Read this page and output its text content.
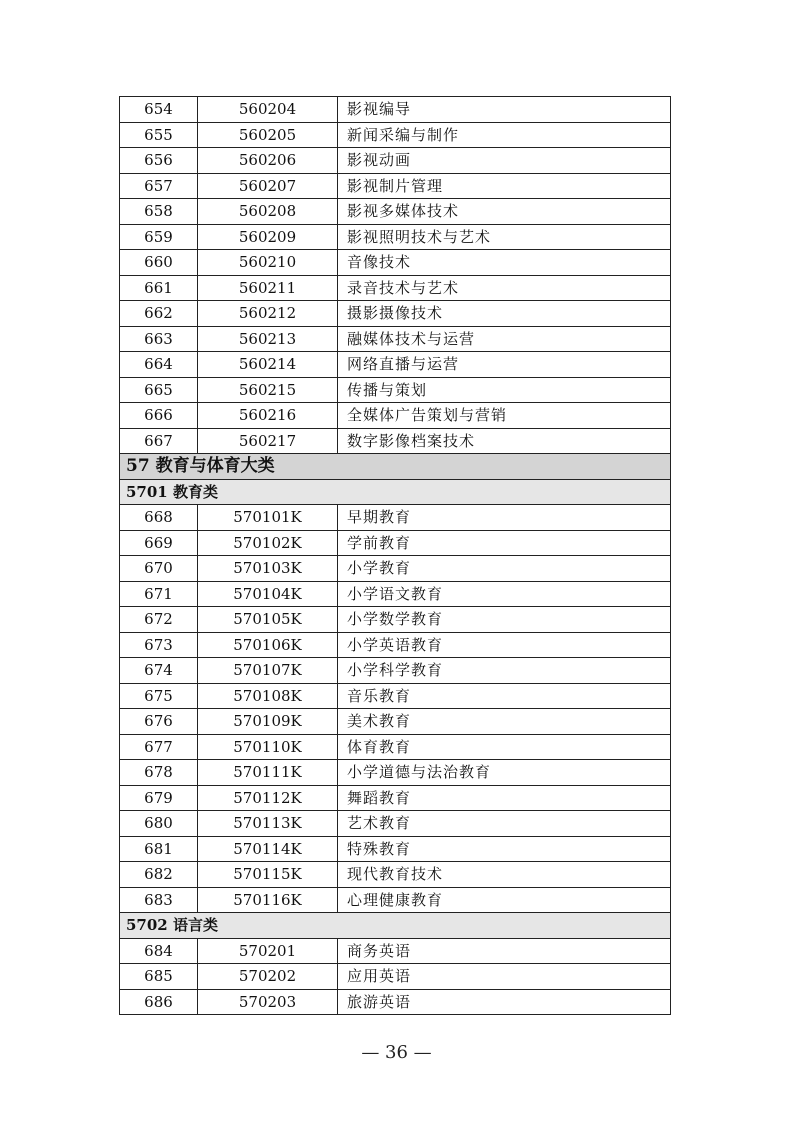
654	560204	影视编导
655	560205	新闻采编与制作
656	560206	影视动画
657	560207	影视制片管理
658	560208	影视多媒体技术
659	560209	影视照明技术与艺术
660	560210	音像技术
661	560211	录音技术与艺术
662	560212	摄影摄像技术
663	560213	融媒体技术与运营
664	560214	网络直播与运营
665	560215	传播与策划
666	560216	全媒体广告策划与营销
667	560217	数字影像档案技术
57 教育与体育大类		
5701 教育类		
668	570101K	早期教育
669	570102K	学前教育
670	570103K	小学教育
671	570104K	小学语文教育
672	570105K	小学数学教育
673	570106K	小学英语教育
674	570107K	小学科学教育
675	570108K	音乐教育
676	570109K	美术教育
677	570110K	体育教育
678	570111K	小学道德与法治教育
679	570112K	舞蹈教育
680	570113K	艺术教育
681	570114K	特殊教育
682	570115K	现代教育技术
683	570116K	心理健康教育
5702 语言类		
684	570201	商务英语
685	570202	应用英语
686	570203	旅游英语
— 36 —
